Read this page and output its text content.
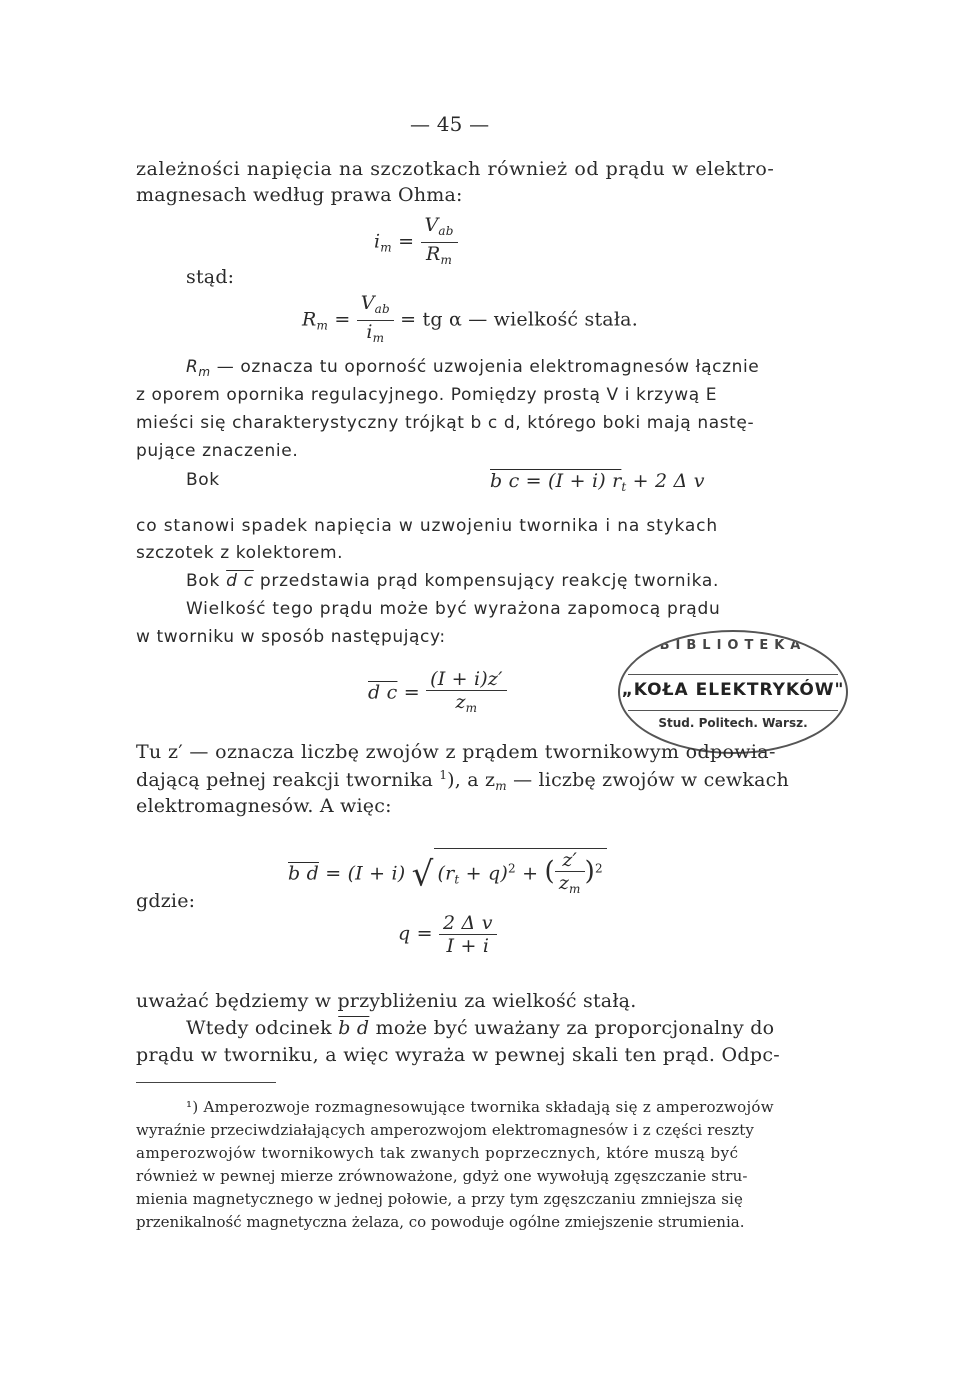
— 45 —
zależności napięcia na szczotkach również od prądu w elektro-
magnesach według prawa Ohma:
$i_m = \frac{V_{ab}}{R_m}$
stąd:
$R_m = \frac{V_{ab}}{i_m}$ = tg α — wielkość stała.
$R_m$ — oznacza tu oporność uzwojenia elektromagnesów łącznie
z oporem opornika regulacyjnego. Pomiędzy prostą V i krzywą E
mieści się charakterystyczny trójkąt b c d, którego boki mają nastę-
pujące znaczenie.
Bok	b c = (I + i) $r_t + 2$ Δ v
co stanowi spadek napięcia w uzwojeniu twornika i na stykach
szczotek z kolektorem.
Bok d c przedstawia prąd kompensujący reakcję twornika.
Wielkość tego prądu może być wyrażona zapomocą prądu
w tworniku w sposób następujący:
d $c = \frac{(I + i)z'}{z_m}$
BIBLIOTEKA
„KOŁA ELEKTRYKÓW"
Stud. Politech. Warsz.
Tu z′ — oznacza liczbę zwojów z prądem twornikowym odpowia-
dającą pełnej reakcji twornika $^1$), a $z_m$ — liczbę zwojów w cewkach
elektromagnesów. A więc:
b d = (I + i) √ $(r_t + q)^2$ + ( $\frac{z'}{z_m} )^2$
gdzie:
$q = \frac{\text{2 Δ v}}{I + i}$
uważać będziemy w przybliżeniu za wielkość stałą.
Wtedy odcinek b d może być uważany za proporcjonalny do
prądu w tworniku, a więc wyraża w pewnej skali ten prąd. Odpc-
¹) Amperozwoje rozmagnesowujące twornika składają się z amperozwojów
wyraźnie przeciwdziałających amperozwojom elektromagnesów i z części reszty
amperozwojów twornikowych tak zwanych poprzecznych, które muszą być
również w pewnej mierze zrównoważone, gdyż one wywołują zgęszczanie stru-
mienia magnetycznego w jednej połowie, a przy tym zgęszczaniu zmniejsza się
przenikalność magnetyczna żelaza, co powoduje ogólne zmiejszenie strumienia.
